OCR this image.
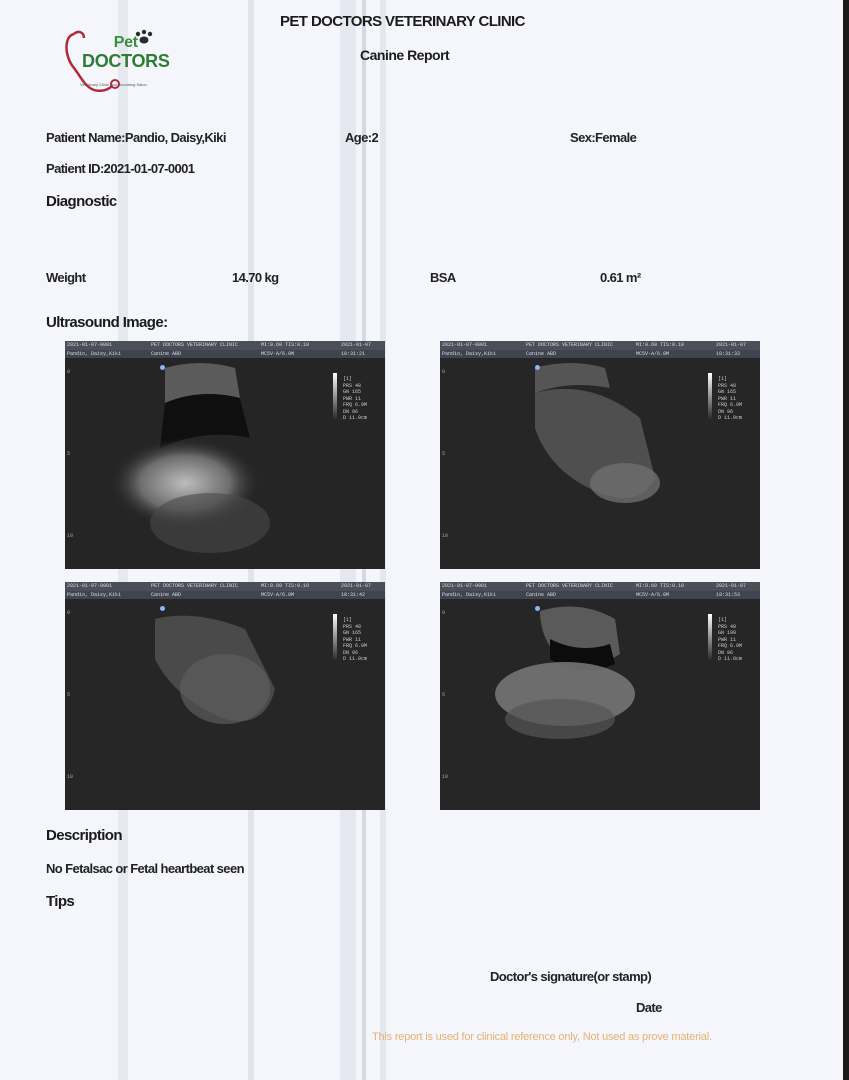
Pet
DOCTORS
Veterinary Clinic and Grooming Salon
PET DOCTORS VETERINARY CLINIC
Canine Report
Patient Name:Pandio, Daisy,Kiki	Age:2	Sex:Female
Patient ID:2021-01-07-0001
Diagnostic
Weight	14.70 kg	BSA	0.61 m²
Ultrasound Image:
2021-01-07-0001	PET DOCTORS VETERINARY CLINIC	MI:0.60 TIS:0.10	2021-01-07
Pandio, Daisy,Kiki	Canine ABD	MC5V-A/6.0M	10:31:21
[1]
PRS 48
GN 165
PWR 11
FRQ 6.0M
DN 96
D 11.0cm
0
5
10
2021-01-07-0001	PET DOCTORS VETERINARY CLINIC	MI:0.60 TIS:0.10	2021-01-07
Pandio, Daisy,Kiki	Canine ABD	MC5V-A/6.0M	10:31:33
[1]
PRS 48
GN 165
PWR 11
FRQ 6.0M
DN 96
D 11.0cm
0
5
10
2021-01-07-0001	PET DOCTORS VETERINARY CLINIC	MI:0.60 TIS:0.10	2021-01-07
Pandio, Daisy,Kiki	Canine ABD	MC5V-A/6.0M	10:31:42
[1]
PRS 48
GN 165
PWR 11
FRQ 6.0M
DN 96
D 11.0cm
0
5
10
2021-01-07-0001	PET DOCTORS VETERINARY CLINIC	MI:0.60 TIS:0.10	2021-01-07
Pandio, Daisy,Kiki	Canine ABD	MC5V-A/6.0M	10:31:53
[1]
PRS 48
GN 190
PWR 11
FRQ 6.0M
DN 96
D 11.0cm
0
5
10
Description
No Fetalsac or Fetal heartbeat seen
Tips
Doctor's signature(or stamp)
Date
This report is used for clinical reference only, Not used as prove material.
